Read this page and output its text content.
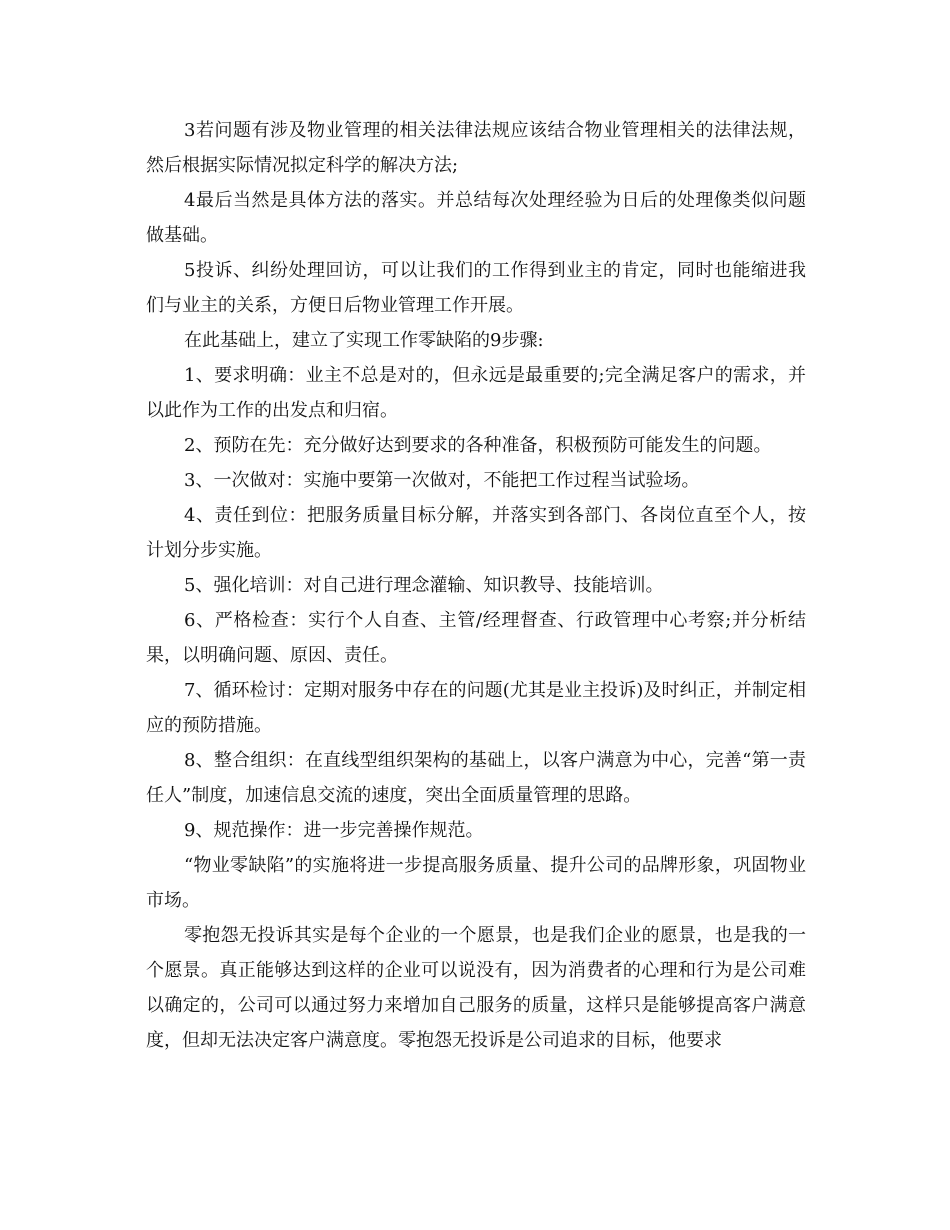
3若问题有涉及物业管理的相关法律法规应该结合物业管理相关的法律法规，然后根据实际情况拟定科学的解决方法;

4最后当然是具体方法的落实。并总结每次处理经验为日后的处理像类似问题做基础。

5投诉、纠纷处理回访，可以让我们的工作得到业主的肯定，同时也能缩进我们与业主的关系，方便日后物业管理工作开展。

在此基础上，建立了实现工作零缺陷的9步骤:

1、要求明确：业主不总是对的，但永远是最重要的;完全满足客户的需求，并以此作为工作的出发点和归宿。

2、预防在先：充分做好达到要求的各种准备，积极预防可能发生的问题。

3、一次做对：实施中要第一次做对，不能把工作过程当试验场。

4、责任到位：把服务质量目标分解，并落实到各部门、各岗位直至个人，按计划分步实施。

5、强化培训：对自己进行理念灌输、知识教导、技能培训。

6、严格检查：实行个人自查、主管/经理督查、行政管理中心考察;并分析结果，以明确问题、原因、责任。

7、循环检讨：定期对服务中存在的问题(尤其是业主投诉)及时纠正，并制定相应的预防措施。

8、整合组织：在直线型组织架构的基础上，以客户满意为中心，完善“第一责任人”制度，加速信息交流的速度，突出全面质量管理的思路。

9、规范操作：进一步完善操作规范。

“物业零缺陷”的实施将进一步提高服务质量、提升公司的品牌形象，巩固物业市场。

零抱怨无投诉其实是每个企业的一个愿景，也是我们企业的愿景，也是我的一个愿景。真正能够达到这样的企业可以说没有，因为消费者的心理和行为是公司难以确定的，公司可以通过努力来增加自己服务的质量，这样只是能够提高客户满意度，但却无法决定客户满意度。零抱怨无投诉是公司追求的目标，他要求
